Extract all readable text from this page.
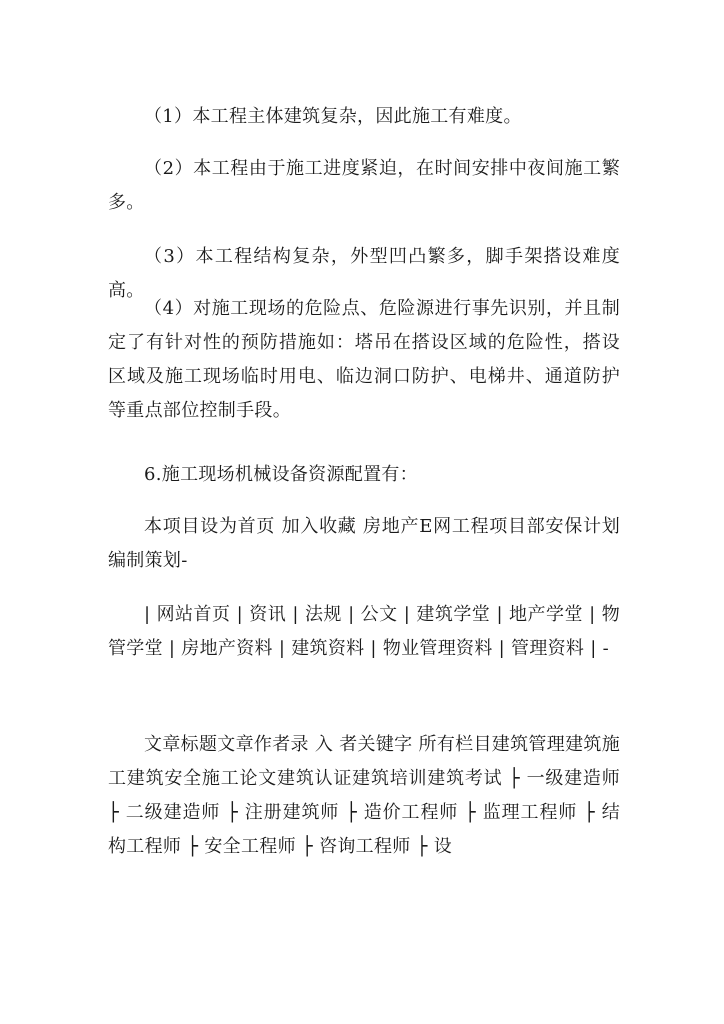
（1）本工程主体建筑复杂，因此施工有难度。

（2）本工程由于施工进度紧迫，在时间安排中夜间施工繁多。

（3）本工程结构复杂，外型凹凸繁多，脚手架搭设难度高。

（4）对施工现场的危险点、危险源进行事先识别，并且制定了有针对性的预防措施如：塔吊在搭设区域的危险性，搭设区域及施工现场临时用电、临边洞口防护、电梯井、通道防护等重点部位控制手段。

6.施工现场机械设备资源配置有：

本项目设为首页 加入收藏 房地产E网工程项目部安保计划编制策划-

| 网站首页 | 资讯 | 法规 | 公文 | 建筑学堂 | 地产学堂 | 物管学堂 | 房地产资料 | 建筑资料 | 物业管理资料 | 管理资料 | -

文章标题文章作者录 入 者关键字 所有栏目建筑管理建筑施工建筑安全施工论文建筑认证建筑培训建筑考试 ├ 一级建造师 ├ 二级建造师 ├ 注册建筑师 ├ 造价工程师 ├ 监理工程师 ├ 结构工程师 ├ 安全工程师 ├ 咨询工程师 ├ 设
